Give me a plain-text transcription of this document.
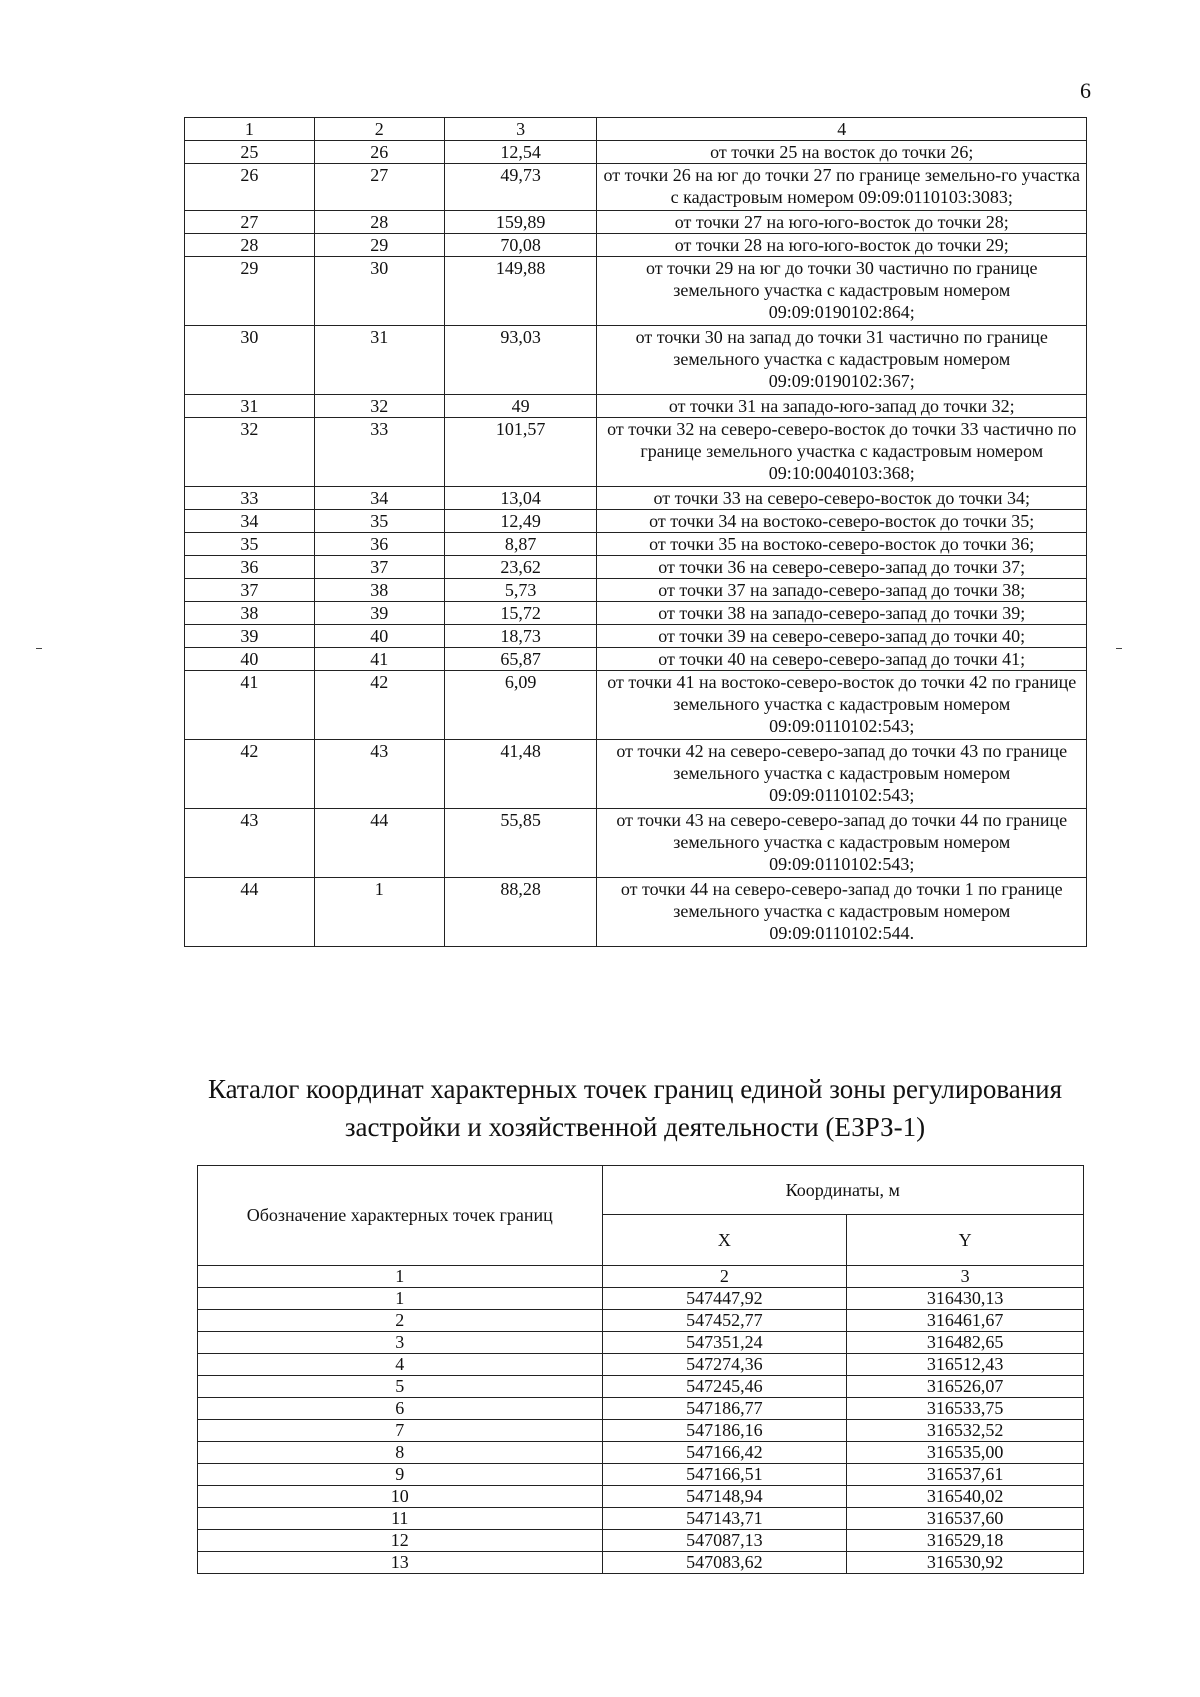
6
1	2	3	4
25	26	12,54	от точки 25 на восток до точки 26;
26	27	49,73	от точки 26 на юг до точки 27 по границе земельно-го участка с кадастровым номером 09:09:0110103:3083;
27	28	159,89	от точки 27 на юго-юго-восток до точки 28;
28	29	70,08	от точки 28 на юго-юго-восток до точки 29;
29	30	149,88	от точки 29 на юг до точки 30 частично по границе земельного участка с кадастровым номером 09:09:0190102:864;
30	31	93,03	от точки 30 на запад до точки 31 частично по границе земельного участка с кадастровым номером 09:09:0190102:367;
31	32	49	от точки 31 на западо-юго-запад до точки 32;
32	33	101,57	от точки 32 на северо-северо-восток до точки 33 частично по границе земельного участка с кадастровым номером 09:10:0040103:368;
33	34	13,04	от точки 33 на северо-северо-восток до точки 34;
34	35	12,49	от точки 34 на востоко-северо-восток до точки 35;
35	36	8,87	от точки 35 на востоко-северо-восток до точки 36;
36	37	23,62	от точки 36 на северо-северо-запад до точки 37;
37	38	5,73	от точки 37 на западо-северо-запад до точки 38;
38	39	15,72	от точки 38 на западо-северо-запад до точки 39;
39	40	18,73	от точки 39 на северо-северо-запад до точки 40;
40	41	65,87	от точки 40 на северо-северо-запад до точки 41;
41	42	6,09	от точки 41 на востоко-северо-восток до точки 42 по границе земельного участка с кадастровым номером 09:09:0110102:543;
42	43	41,48	от точки 42 на северо-северо-запад до точки 43 по границе земельного участка с кадастровым номером 09:09:0110102:543;
43	44	55,85	от точки 43 на северо-северо-запад до точки 44 по границе земельного участка с кадастровым номером 09:09:0110102:543;
44	1	88,28	от точки 44 на северо-северо-запад до точки 1 по границе земельного участка с кадастровым номером 09:09:0110102:544.
Каталог координат характерных точек границ единой зоны регулирования
застройки и хозяйственной деятельности (ЕЗРЗ-1)
Обозначение характерных точек границ	Координаты, м	
	X	Y
1	2	3
1	547447,92	316430,13
2	547452,77	316461,67
3	547351,24	316482,65
4	547274,36	316512,43
5	547245,46	316526,07
6	547186,77	316533,75
7	547186,16	316532,52
8	547166,42	316535,00
9	547166,51	316537,61
10	547148,94	316540,02
11	547143,71	316537,60
12	547087,13	316529,18
13	547083,62	316530,92
